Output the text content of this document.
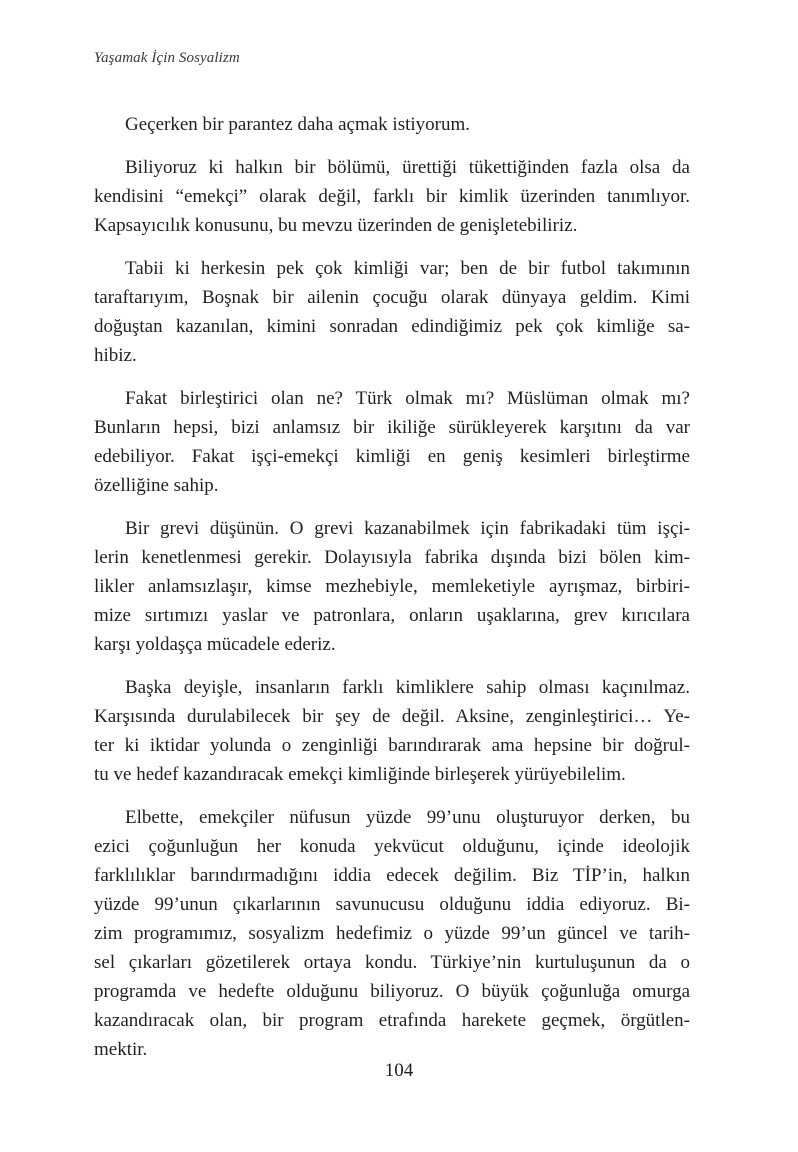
Yaşamak İçin Sosyalizm

Geçerken bir parantez daha açmak istiyorum.

Biliyoruz ki halkın bir bölümü, ürettiği tükettiğinden fazla olsa da
kendisini “emekçi” olarak değil, farklı bir kimlik üzerinden tanımlıyor.
Kapsayıcılık konusunu, bu mevzu üzerinden de genişletebiliriz.

Tabii ki herkesin pek çok kimliği var; ben de bir futbol takımının
taraftarıyım, Boşnak bir ailenin çocuğu olarak dünyaya geldim. Kimi
doğuştan kazanılan, kimini sonradan edindiğimiz pek çok kimliğe sa-
hibiz.

Fakat birleştirici olan ne? Türk olmak mı? Müslüman olmak mı?
Bunların hepsi, bizi anlamsız bir ikiliğe sürükleyerek karşıtını da var
edebiliyor. Fakat işçi-emekçi kimliği en geniş kesimleri birleştirme
özelliğine sahip.

Bir grevi düşünün. O grevi kazanabilmek için fabrikadaki tüm işçi-
lerin kenetlenmesi gerekir. Dolayısıyla fabrika dışında bizi bölen kim-
likler anlamsızlaşır, kimse mezhebiyle, memleketiyle ayrışmaz, birbiri-
mize sırtımızı yaslar ve patronlara, onların uşaklarına, grev kırıcılara
karşı yoldaşça mücadele ederiz.

Başka deyişle, insanların farklı kimliklere sahip olması kaçınılmaz.
Karşısında durulabilecek bir şey de değil. Aksine, zenginleştirici… Ye-
ter ki iktidar yolunda o zenginliği barındırarak ama hepsine bir doğrul-
tu ve hedef kazandıracak emekçi kimliğinde birleşerek yürüyebilelim.

Elbette, emekçiler nüfusun yüzde 99’unu oluşturuyor derken, bu
ezici çoğunluğun her konuda yekvücut olduğunu, içinde ideolojik
farklılıklar barındırmadığını iddia edecek değilim. Biz TİP’in, halkın
yüzde 99’unun çıkarlarının savunucusu olduğunu iddia ediyoruz. Bi-
zim programımız, sosyalizm hedefimiz o yüzde 99’un güncel ve tarih-
sel çıkarları gözetilerek ortaya kondu. Türkiye’nin kurtuluşunun da o
programda ve hedefte olduğunu biliyoruz. O büyük çoğunluğa omurga
kazandıracak olan, bir program etrafında harekete geçmek, örgütlen-
mektir.

104
